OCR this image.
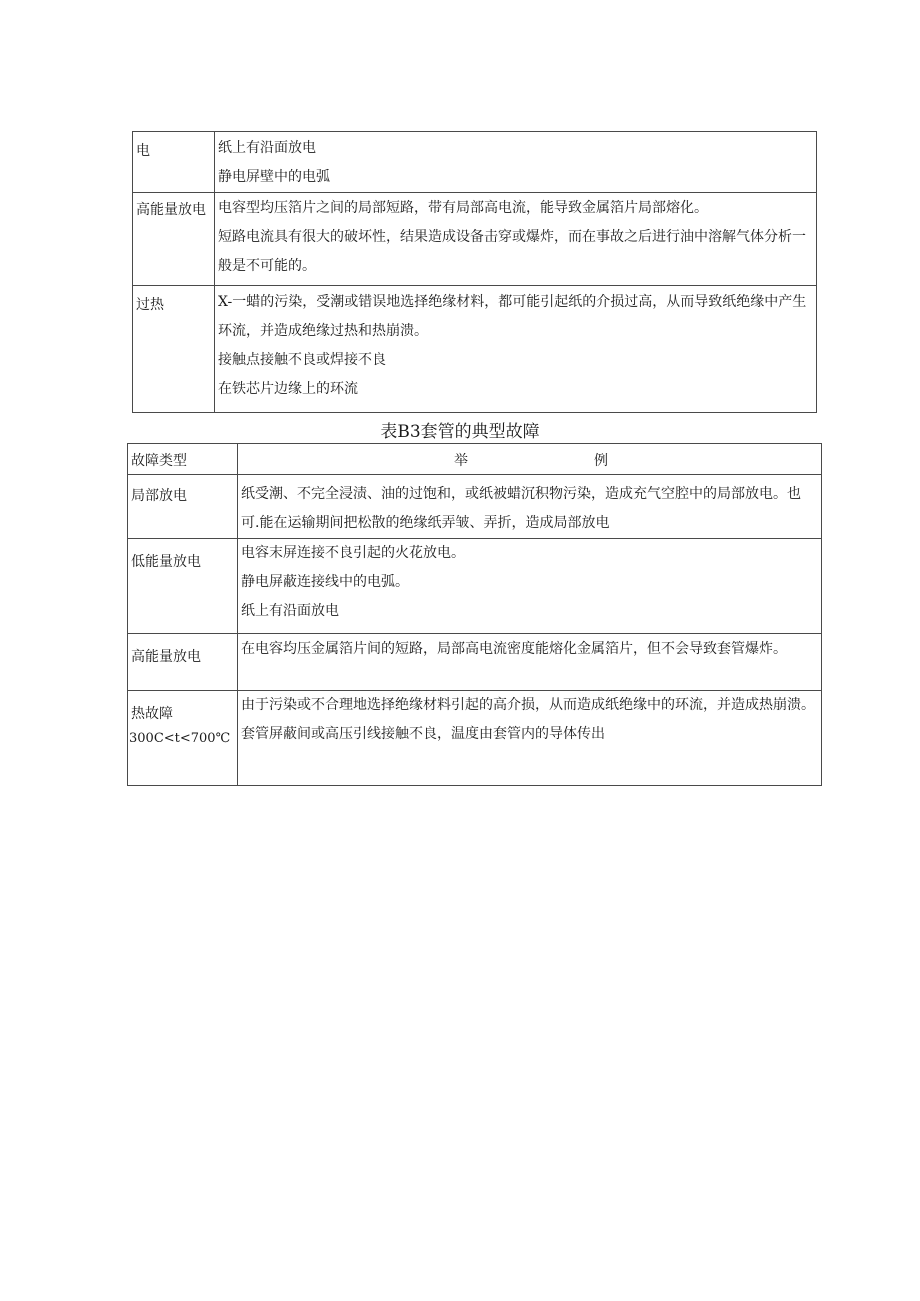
电	纸上有沿面放电
静电屏壁中的电弧

高能量放电	电容型均压箔片之间的局部短路，带有局部高电流，能导致金属箔片局部熔化。
短路电流具有很大的破坏性，结果造成设备击穿或爆炸，而在事故之后进行油中溶解气体分析一般是不可能的。

过热	X-一蜡的污染，受潮或错误地选择绝缘材料，都可能引起纸的介损过高，从而导致纸绝缘中产生环流，并造成绝缘过热和热崩溃。
接触点接触不良或焊接不良
在铁芯片边缘上的环流
表B3套管的典型故障
故障类型	举 例

局部放电	纸受潮、不完全浸渍、油的过饱和，或纸被蜡沉积物污染，造成充气空腔中的局部放电。也可.能在运输期间把松散的绝缘纸弄皱、弄折，造成局部放电

低能量放电	电容末屏连接不良引起的火花放电。
静电屏蔽连接线中的电弧。
纸上有沿面放电

高能量放电	在电容均压金属箔片间的短路，局部高电流密度能熔化金属箔片，但不会导致套管爆炸。

热故障
300C<t<700℃	由于污染或不合理地选择绝缘材料引起的高介损，从而造成纸绝缘中的环流，并造成热崩溃。
套管屏蔽间或高压引线接触不良，温度由套管内的导体传出
